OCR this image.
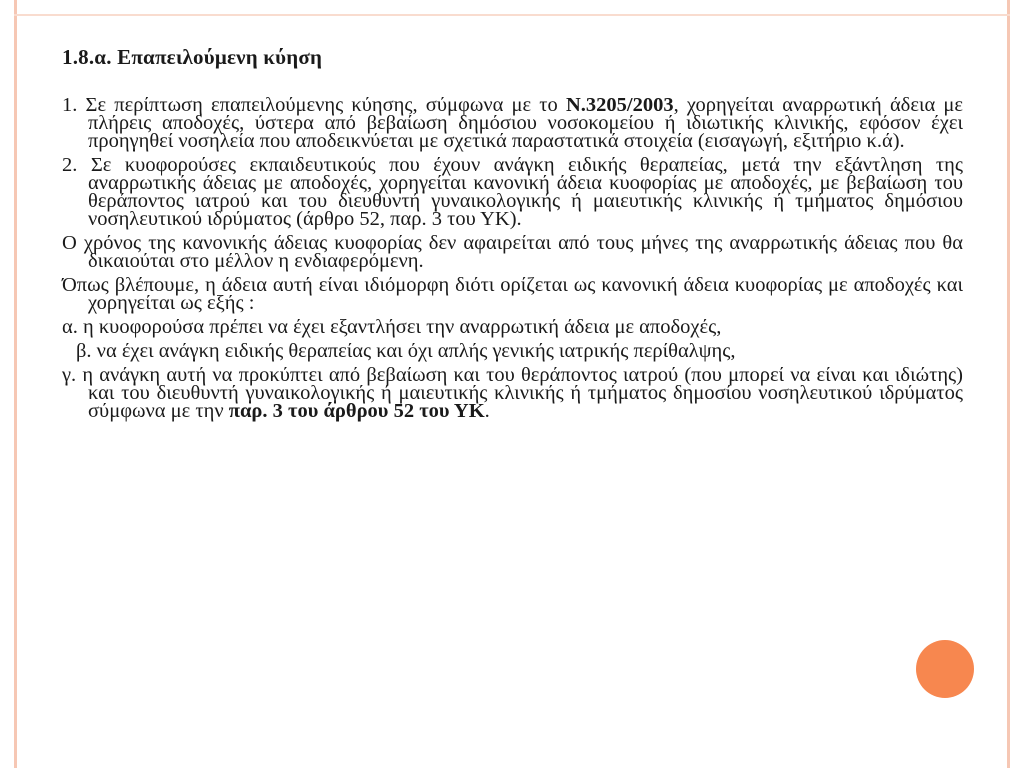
1.8.α. Επαπειλούμενη κύηση

1. Σε περίπτωση επαπειλούμενης κύησης, σύμφωνα με το Ν.3205/2003, χορηγείται αναρρωτική άδεια με πλήρεις αποδοχές, ύστερα από βεβαίωση δημόσιου νοσοκομείου ή ιδιωτικής κλινικής, εφόσον έχει προηγηθεί νοσηλεία που αποδεικνύεται με σχετικά παραστατικά στοιχεία (εισαγωγή, εξιτήριο κ.ά).

2. Σε κυοφορούσες εκπαιδευτικούς που έχουν ανάγκη ειδικής θεραπείας, μετά την εξάντληση της αναρρωτικής άδειας με αποδοχές, χορηγείται κανονική άδεια κυοφορίας με αποδοχές, με βεβαίωση του θεράποντος ιατρού και του διευθυντή γυναικολογικής ή μαιευτικής κλινικής ή τμήματος δημόσιου νοσηλευτικού ιδρύματος (άρθρο 52, παρ. 3 του ΥΚ).

Ο χρόνος της κανονικής άδειας κυοφορίας δεν αφαιρείται από τους μήνες της αναρρωτικής άδειας που θα δικαιούται στο μέλλον η ενδιαφερόμενη.

Όπως βλέπουμε, η άδεια αυτή είναι ιδιόμορφη διότι ορίζεται ως κανονική άδεια κυοφορίας με αποδοχές και χορηγείται ως εξής :

α. η κυοφορούσα πρέπει να έχει εξαντλήσει την αναρρωτική άδεια με αποδοχές,

β. να έχει ανάγκη ειδικής θεραπείας και όχι απλής γενικής ιατρικής περίθαλψης,

γ. η ανάγκη αυτή να προκύπτει από βεβαίωση και του θεράποντος ιατρού (που μπορεί να είναι και ιδιώτης) και του διευθυντή γυναικολογικής ή μαιευτικής κλινικής ή τμήματος δημοσίου νοσηλευτικού ιδρύματος σύμφωνα με την παρ. 3 του άρθρου 52 του ΥΚ.
